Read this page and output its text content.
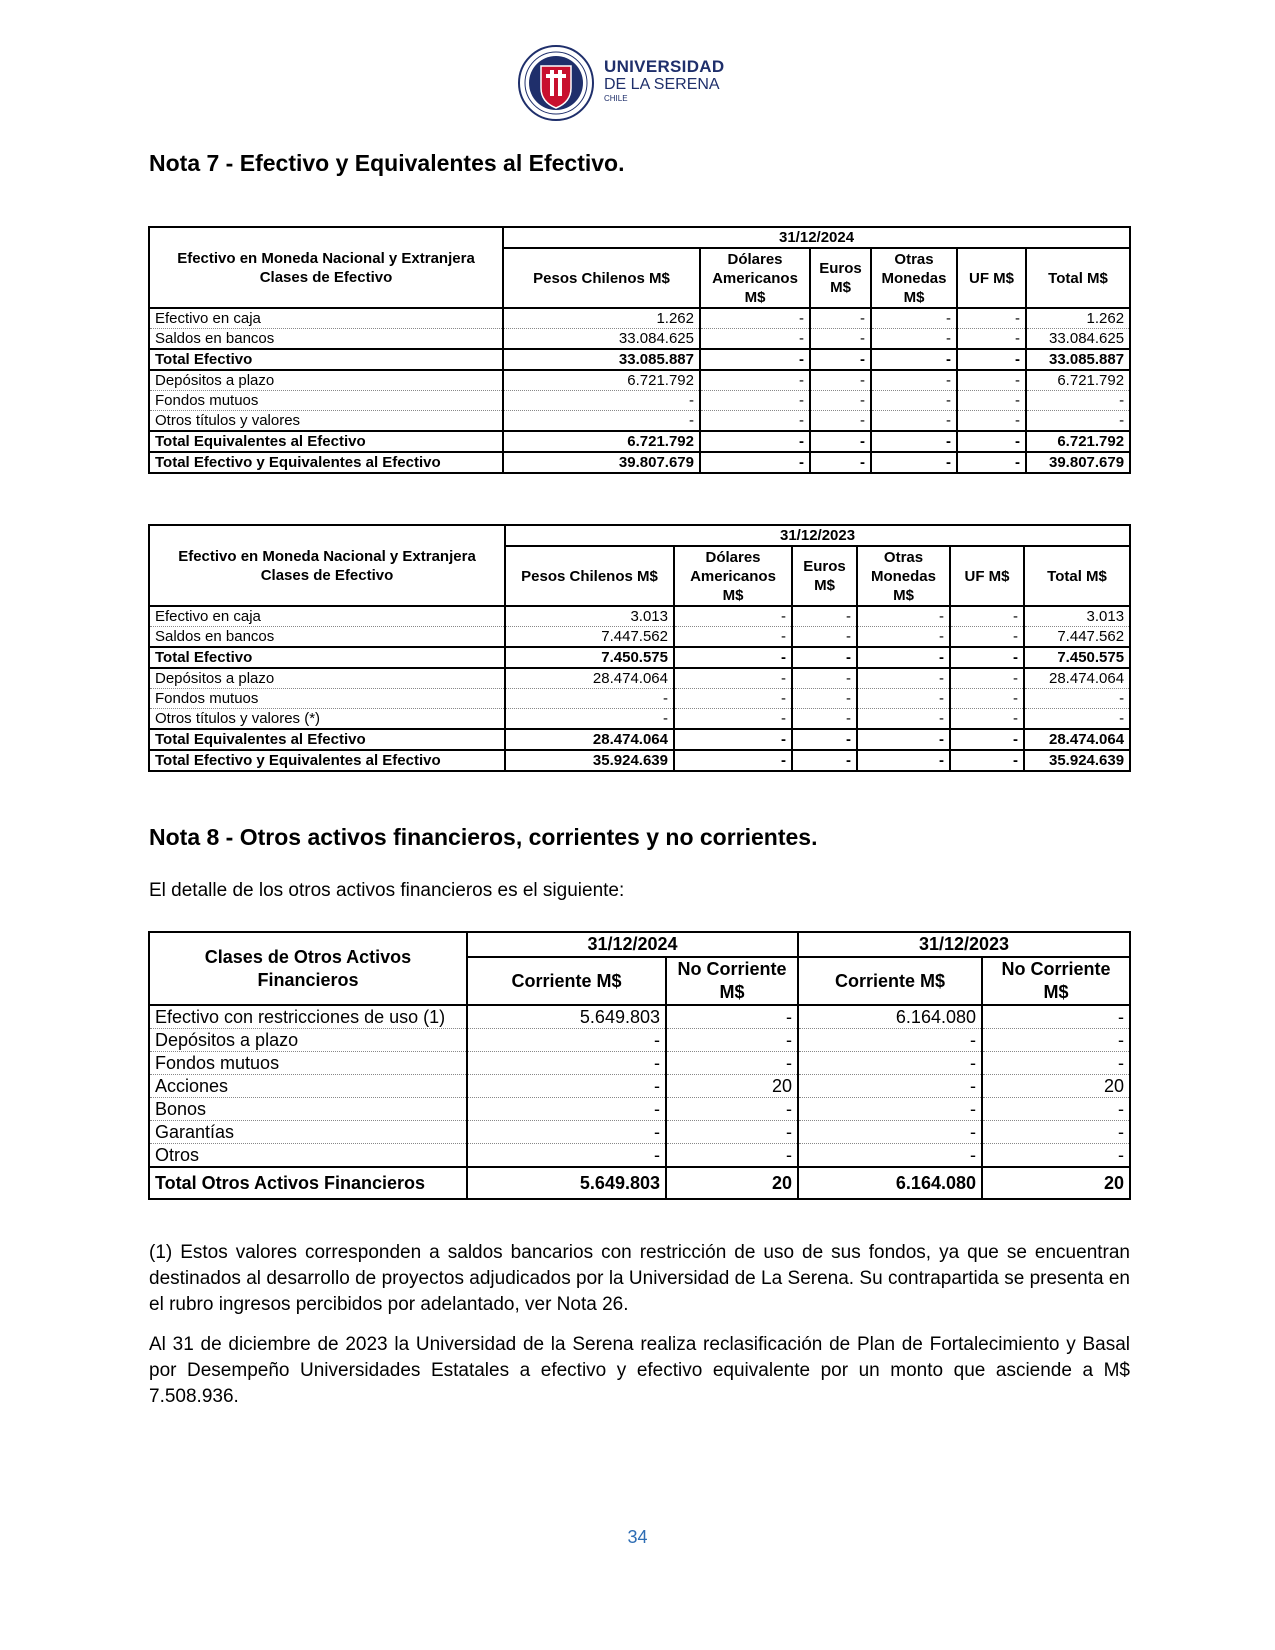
UNIVERSIDAD
DE LA SERENA
CHILE
Nota 7 - Efectivo y Equivalentes al Efectivo.
Efectivo en Moneda Nacional y Extranjera Clases de Efectivo	31/12/2024					
	Pesos Chilenos M$	Dólares Americanos M$	Euros M$	Otras Monedas M$	UF M$	Total M$
Efectivo en caja	1.262	-	-	-	-	1.262
Saldos en bancos	33.084.625	-	-	-	-	33.084.625
Total Efectivo	33.085.887	-	-	-	-	33.085.887
Depósitos a plazo	6.721.792	-	-	-	-	6.721.792
Fondos mutuos	-	-	-	-	-	-
Otros títulos y valores	-	-	-	-	-	-
Total Equivalentes al Efectivo	6.721.792	-	-	-	-	6.721.792
Total Efectivo y Equivalentes al Efectivo	39.807.679	-	-	-	-	39.807.679
Efectivo en Moneda Nacional y Extranjera Clases de Efectivo	31/12/2023					
	Pesos Chilenos M$	Dólares Americanos M$	Euros M$	Otras Monedas M$	UF M$	Total M$
Efectivo en caja	3.013	-	-	-	-	3.013
Saldos en bancos	7.447.562	-	-	-	-	7.447.562
Total Efectivo	7.450.575	-	-	-	-	7.450.575
Depósitos a plazo	28.474.064	-	-	-	-	28.474.064
Fondos mutuos	-	-	-	-	-	-
Otros títulos y valores (*)	-	-	-	-	-	-
Total Equivalentes al Efectivo	28.474.064	-	-	-	-	28.474.064
Total Efectivo y Equivalentes al Efectivo	35.924.639	-	-	-	-	35.924.639
Nota 8 - Otros activos financieros, corrientes y no corrientes.

El detalle de los otros activos financieros es el siguiente:

Clases de Otros Activos Financieros	31/12/2024		31/12/2023	
	Corriente M$	No Corriente M$	Corriente M$	No Corriente M$
Efectivo con restricciones de uso (1)	5.649.803	-	6.164.080	-
Depósitos a plazo	-	-	-	-
Fondos mutuos	-	-	-	-
Acciones	-	20	-	20
Bonos	-	-	-	-
Garantías	-	-	-	-
Otros	-	-	-	-
Total Otros Activos Financieros	5.649.803	20	6.164.080	20

(1) Estos valores corresponden a saldos bancarios con restricción de uso de sus fondos, ya que se encuentran destinados al desarrollo de proyectos adjudicados por la Universidad de La Serena. Su contrapartida se presenta en el rubro ingresos percibidos por adelantado, ver Nota 26.

Al 31 de diciembre de 2023 la Universidad de la Serena realiza reclasificación de Plan de Fortalecimiento y Basal por Desempeño Universidades Estatales a efectivo y efectivo equivalente por un monto que asciende a M$ 7.508.936.

34
